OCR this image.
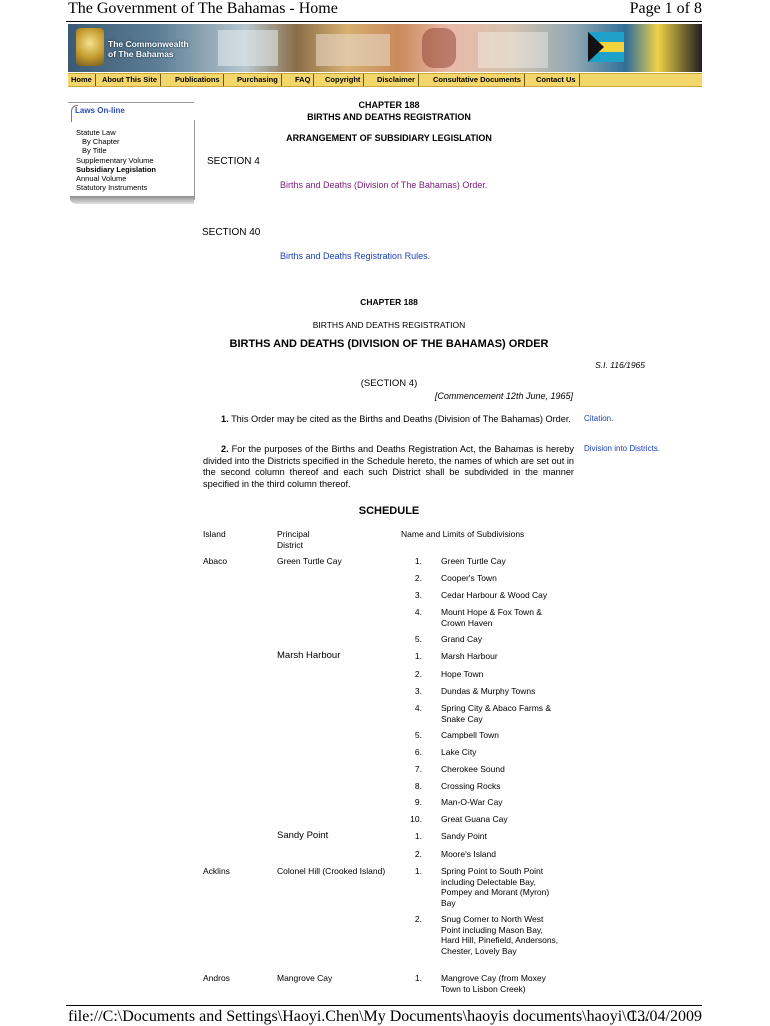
The Government of The Bahamas - Home	Page 1 of 8
The Commonwealth
of The Bahamas
Home	About This Site	Publications	Purchasing	FAQ	Copyright	Disclaimer	Consultative Documents	Contact Us
Laws On-line
Statute Law
By Chapter
By Title
Supplementary Volume
Subsidiary Legislation
Annual Volume
Statutory Instruments
CHAPTER 188
BIRTHS AND DEATHS REGISTRATION
ARRANGEMENT OF SUBSIDIARY LEGISLATION
SECTION 4
Births and Deaths (Division of The Bahamas) Order.
SECTION 40
Births and Deaths Registration Rules.
CHAPTER 188
BIRTHS AND DEATHS REGISTRATION
BIRTHS AND DEATHS (DIVISION OF THE BAHAMAS) ORDER
S.I. 116/1965
(SECTION 4)
[Commencement 12th June, 1965]
1. This Order may be cited as the Births and Deaths (Division of The Bahamas) Order.	Citation.
2. For the purposes of the Births and Deaths Registration Act, the Bahamas is hereby divided into the Districts specified in the Schedule hereto, the names of which are set out in the second column thereof and each such District shall be subdivided in the manner specified in the third column thereof.
Division into Districts.
SCHEDULE
Island	Principal District
Name and Limits of Subdivisions
Abaco	Green Turtle Cay	1. Green Turtle Cay
2. Cooper's Town
3. Cedar Harbour & Wood Cay
4. Mount Hope & Fox Town & Crown Haven
5. Grand Cay
Marsh Harbour	1. Marsh Harbour
2. Hope Town
3. Dundas & Murphy Towns
4. Spring City & Abaco Farms & Snake Cay
5. Campbell Town
6. Lake City
7. Cherokee Sound
8. Crossing Rocks
9. Man-O-War Cay
10. Great Guana Cay
Sandy Point	1. Sandy Point
2. Moore's Island
Acklins	Colonel Hill (Crooked Island)	1. Spring Point to South Point including Delectable Bay, Pompey and Morant (Myron) Bay
2. Snug Corner to North West Point including Mason Bay, Hard Hill, Pinefield, Andersons, Chester, Lovely Bay
Andros	Mangrove Cay	1. Mangrove Cay (from Moxey Town to Lisbon Creek)
file://C:\Documents and Settings\Haoyi.Chen\My Documents\haoyis documents\haoyi\C...
13/04/2009
